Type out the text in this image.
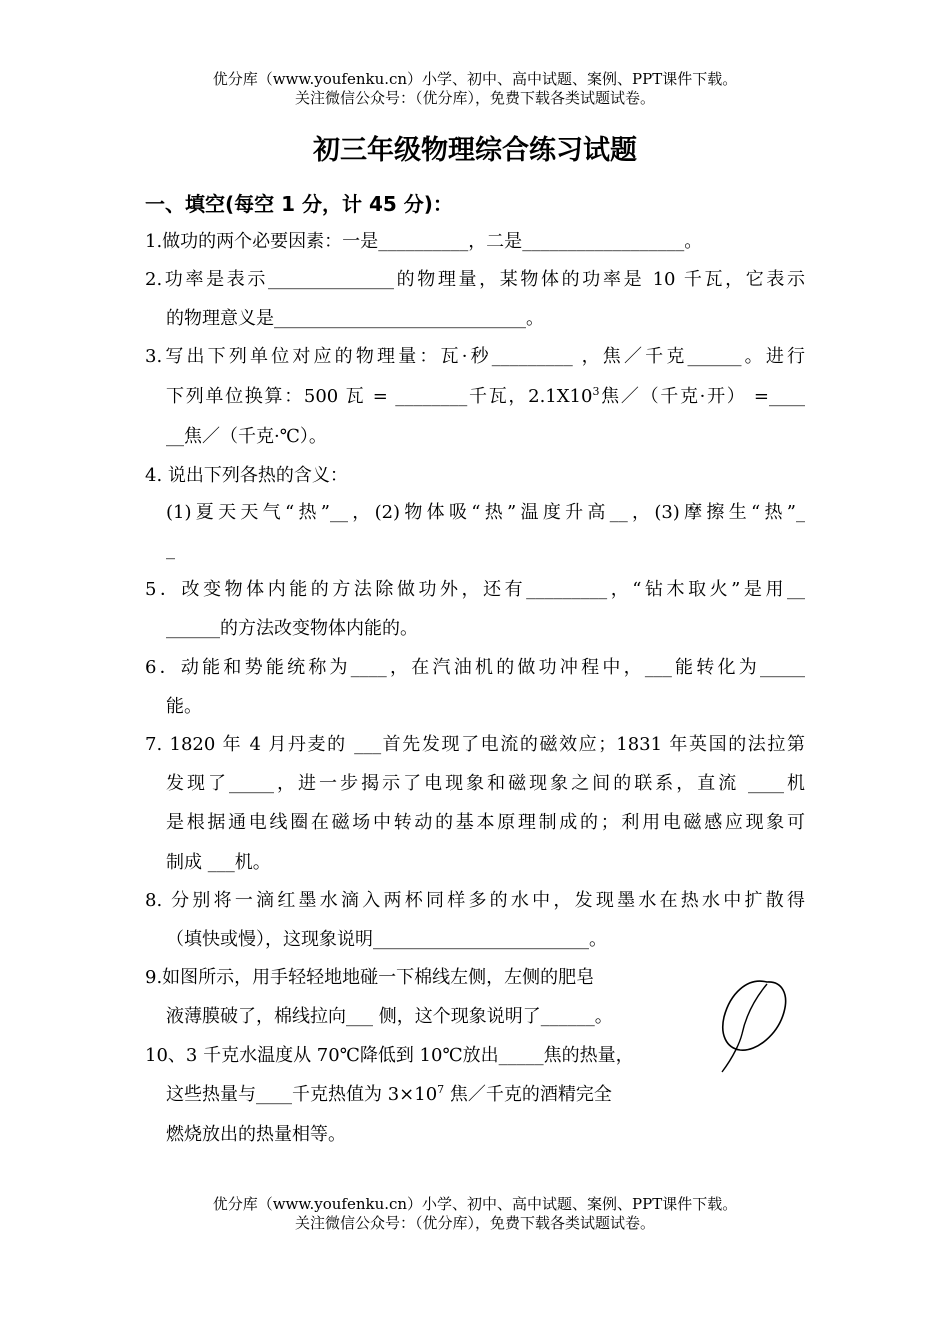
优分库（www.youfenku.cn）小学、初中、高中试题、案例、PPT课件下载。
关注微信公众号：（优分库），免费下载各类试题试卷。
初三年级物理综合练习试题
一、填空(每空 1 分，计 45 分)：
1.做功的两个必要因素：一是__________，二是__________________。
2.功率是表示______________的物理量，某物体的功率是 10 千瓦，它表示
的物理意义是____________________________。
3.写出下列单位对应的物理量：瓦·秒_________ ，焦／千克______。进行
下列单位换算：500 瓦 = ________千瓦，$2.1X10^3$焦／（千克·开） =____
__焦／（千克·℃）。
4. 说出下列各热的含义：
(1)夏天天气“热”__，(2)物体吸“热”温度升高__，(3)摩擦生“热”_
_
5．改变物体内能的方法除做功外，还有_________，“钻木取火”是用__
______的方法改变物体内能的。
6．动能和势能统称为____，在汽油机的做功冲程中，___能转化为_____
能。
7. 1820 年 4 月丹麦的 ___首先发现了电流的磁效应；1831 年英国的法拉第
发现了_____，进一步揭示了电现象和磁现象之间的联系，直流 ____机
是根据通电线圈在磁场中转动的基本原理制成的；利用电磁感应现象可
制成 ___机。
8. 分别将一滴红墨水滴入两杯同样多的水中，发现墨水在热水中扩散得
（填快或慢），这现象说明________________________。
9.如图所示，用手轻轻地地碰一下棉线左侧，左侧的肥皂
液薄膜破了，棉线拉向___ 侧，这个现象说明了______。
10、3 千克水温度从 70℃降低到 10℃放出_____焦的热量，
这些热量与____千克热值为 $3\times 10^7$ 焦／千克的酒精完全
燃烧放出的热量相等。
优分库（www.youfenku.cn）小学、初中、高中试题、案例、PPT课件下载。
关注微信公众号：（优分库），免费下载各类试题试卷。
